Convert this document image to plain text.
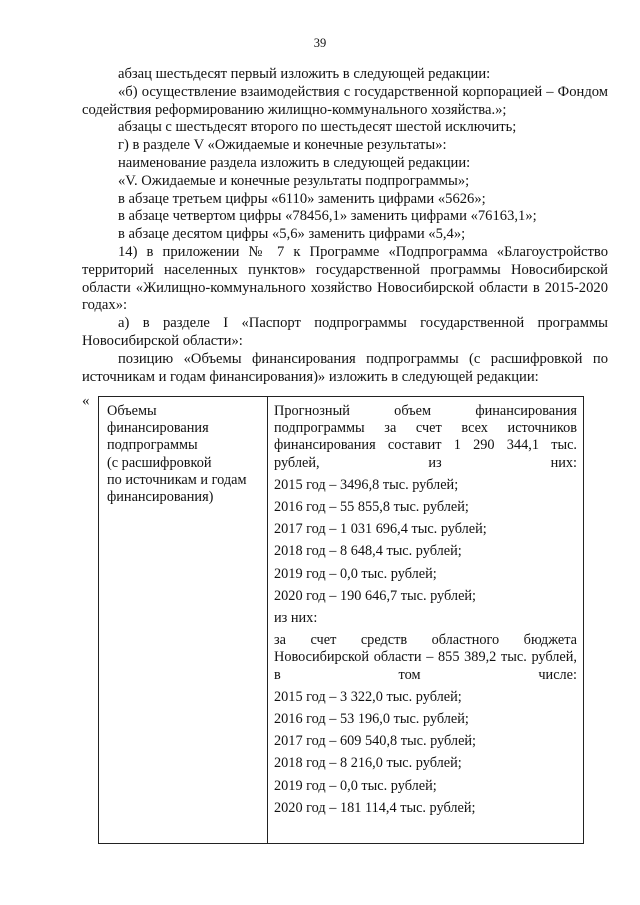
39

абзац шестьдесят первый изложить в следующей редакции:

«б) осуществление взаимодействия с государственной корпорацией – Фондом содействия реформированию жилищно-коммунального хозяйства.»;

абзацы с шестьдесят второго по шестьдесят шестой исключить;

г) в разделе V «Ожидаемые и конечные результаты»:

наименование раздела изложить в следующей редакции:

«V. Ожидаемые и конечные результаты подпрограммы»;

в абзаце третьем цифры «6110» заменить цифрами «5626»;

в абзаце четвертом цифры «78456,1» заменить цифрами «76163,1»;

в абзаце десятом цифры «5,6» заменить цифрами «5,4»;

14) в приложении № 7 к Программе «Подпрограмма «Благоустройство территорий населенных пунктов» государственной программы Новосибирской области «Жилищно-коммунального хозяйство Новосибирской области в 2015-2020 годах»:

а) в разделе I «Паспорт подпрограммы государственной программы Новосибирской области»:

позицию «Объемы финансирования подпрограммы (с расшифровкой по источникам и годам финансирования)» изложить в следующей редакции:

«
Объемы
финансирования
подпрограммы
(с расшифровкой
по источникам и годам
финансирования)
Прогнозный объем финансирования подпрограммы за счет всех источников финансирования составит 1 290 344,1 тыс. рублей, из них:
2015 год – 3496,8 тыс. рублей;
2016 год – 55 855,8 тыс. рублей;
2017 год – 1 031 696,4 тыс. рублей;
2018 год – 8 648,4 тыс. рублей;
2019 год – 0,0 тыс. рублей;
2020 год – 190 646,7 тыс. рублей;
из них:
за счет средств областного бюджета Новосибирской области – 855 389,2 тыс. рублей, в том числе:
2015 год – 3 322,0 тыс. рублей;
2016 год – 53 196,0 тыс. рублей;
2017 год – 609 540,8 тыс. рублей;
2018 год – 8 216,0 тыс. рублей;
2019 год – 0,0 тыс. рублей;
2020 год – 181 114,4 тыс. рублей;
